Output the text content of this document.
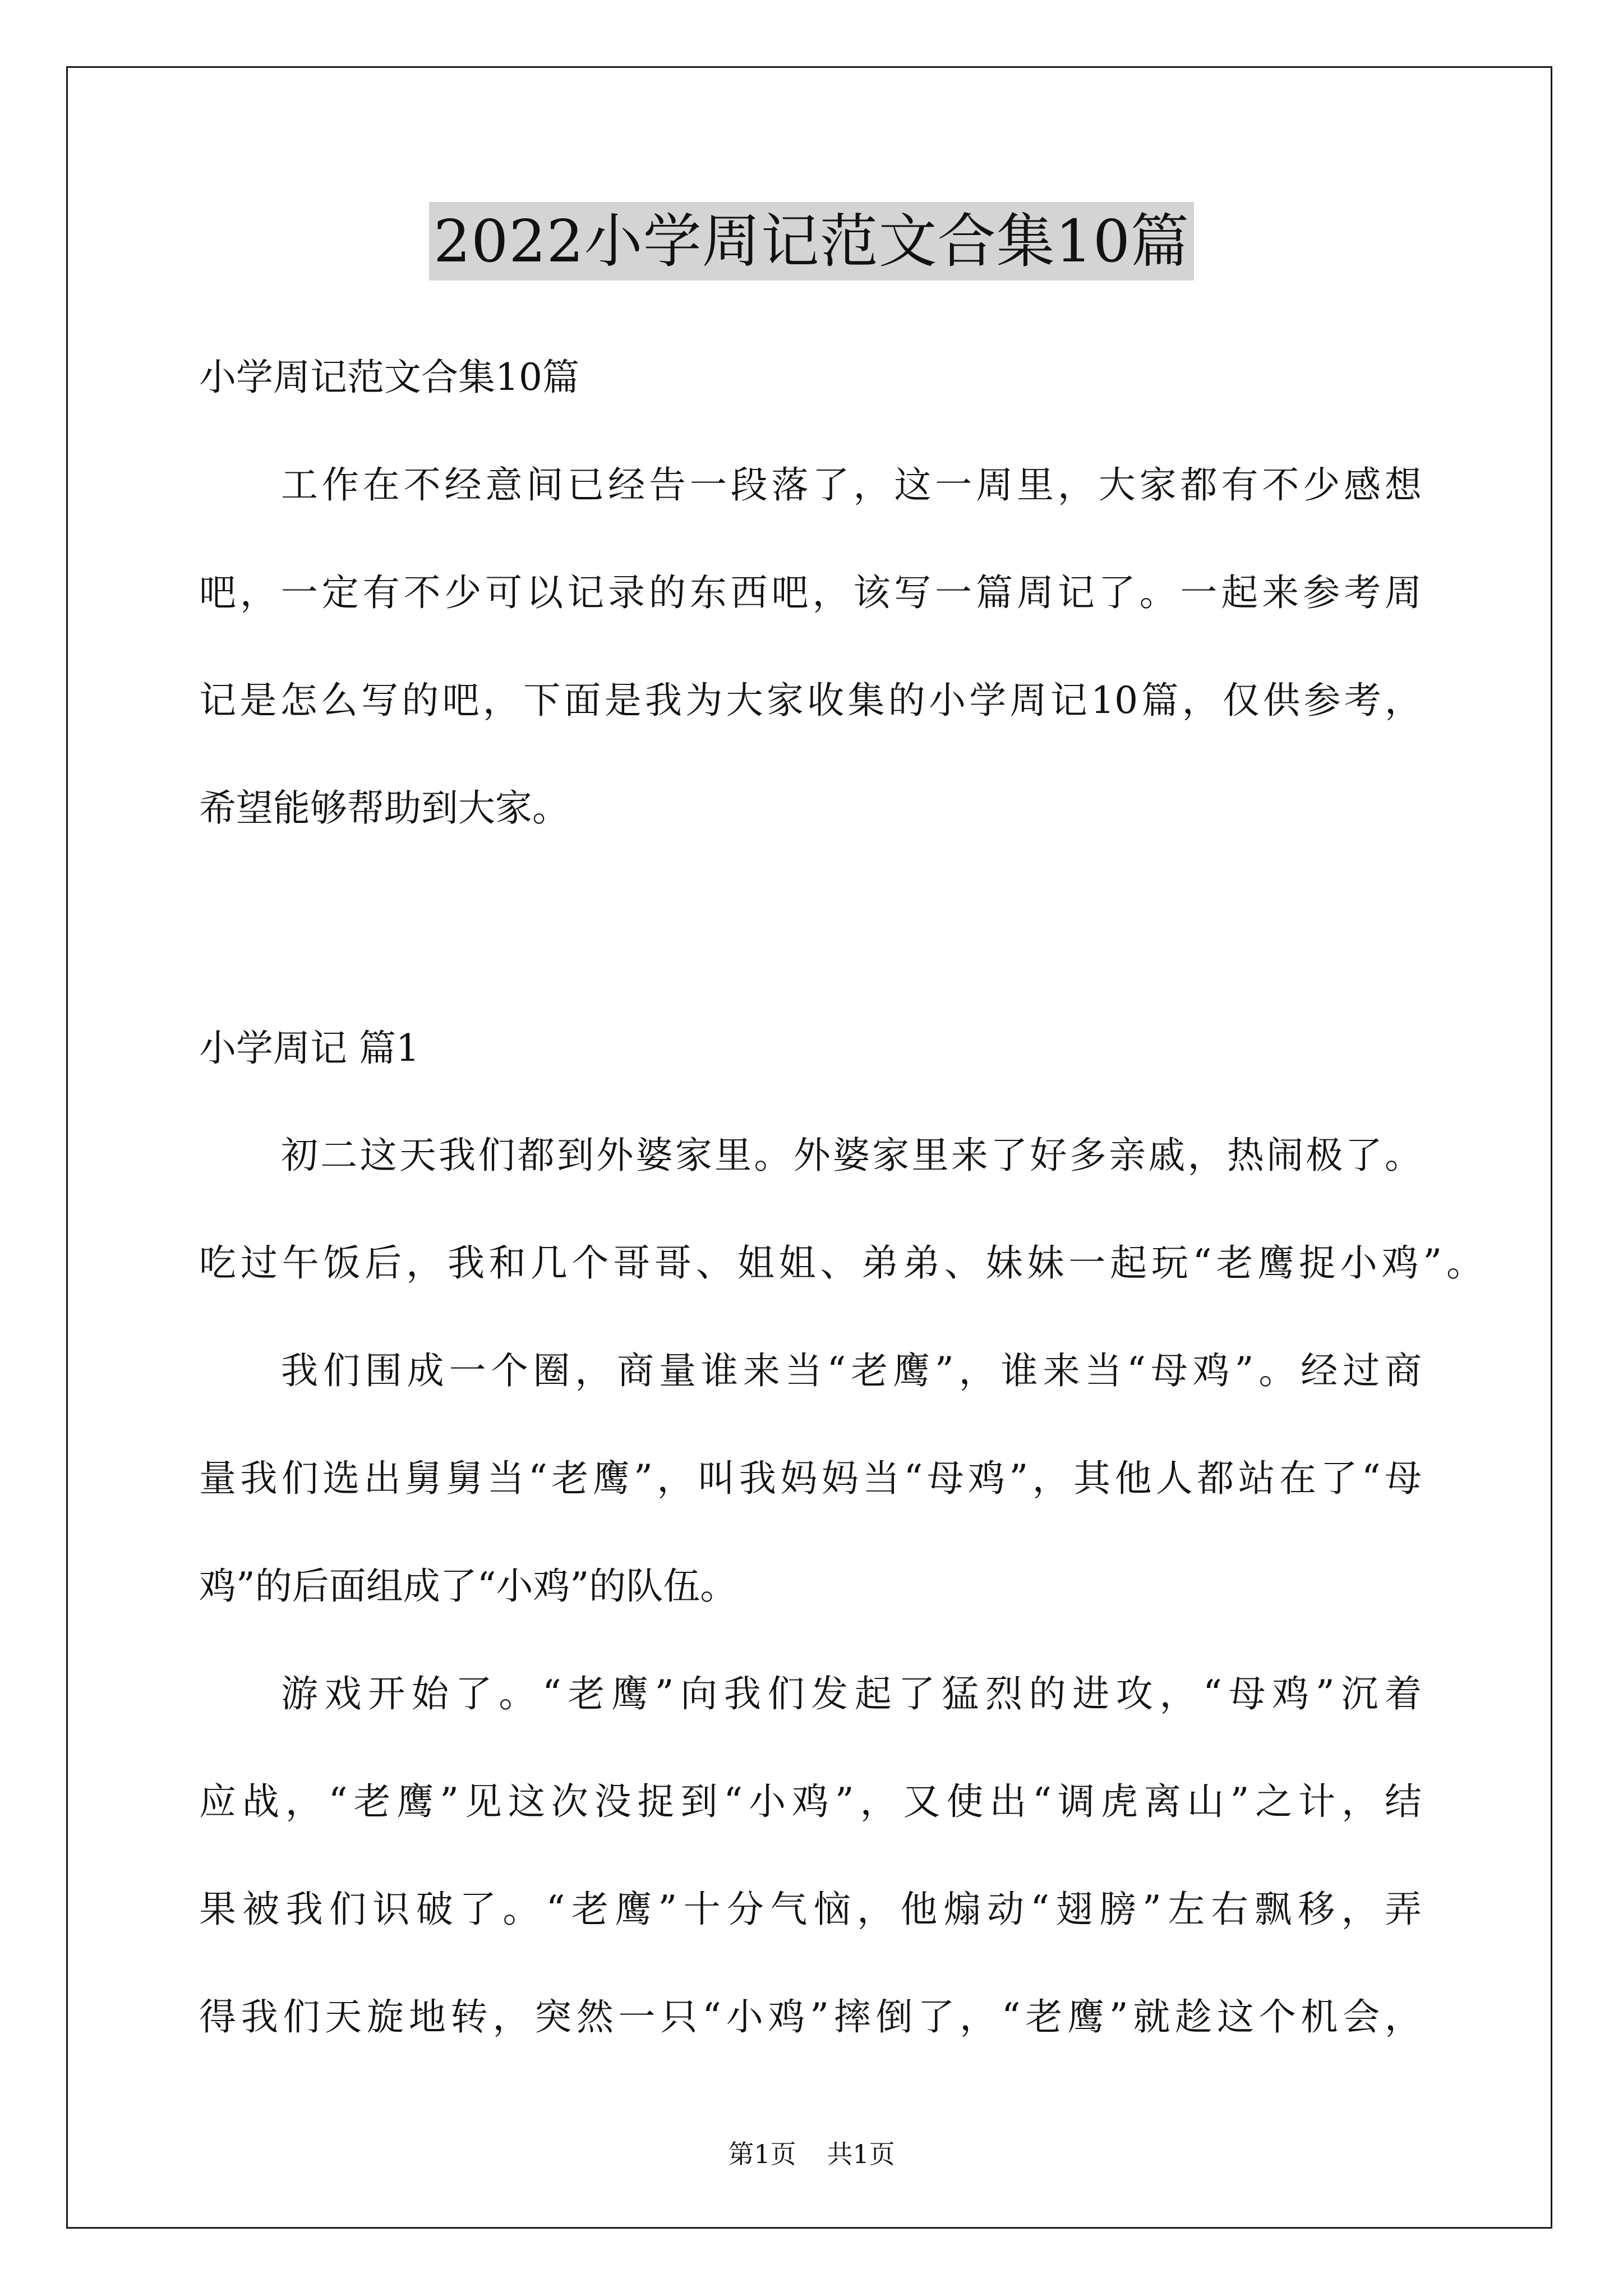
2022小学周记范文合集10篇
小学周记范文合集10篇
工作在不经意间已经告一段落了，这一周里，大家都有不少感想
吧，一定有不少可以记录的东西吧，该写一篇周记了。一起来参考周
记是怎么写的吧，下面是我为大家收集的小学周记10篇，仅供参考，
希望能够帮助到大家。
小学周记 篇1
初二这天我们都到外婆家里。外婆家里来了好多亲戚，热闹极了。
吃过午饭后，我和几个哥哥、姐姐、弟弟、妹妹一起玩“老鹰捉小鸡”。
我们围成一个圈，商量谁来当“老鹰”，谁来当“母鸡”。经过商
量我们选出舅舅当“老鹰”，叫我妈妈当“母鸡”，其他人都站在了“母
鸡”的后面组成了“小鸡”的队伍。
游戏开始了。“老鹰”向我们发起了猛烈的进攻，“母鸡”沉着
应战，“老鹰”见这次没捉到“小鸡”，又使出“调虎离山”之计，结
果被我们识破了。“老鹰”十分气恼，他煽动“翅膀”左右飘移，弄
得我们天旋地转，突然一只“小鸡”摔倒了，“老鹰”就趁这个机会，
第1页 共1页
